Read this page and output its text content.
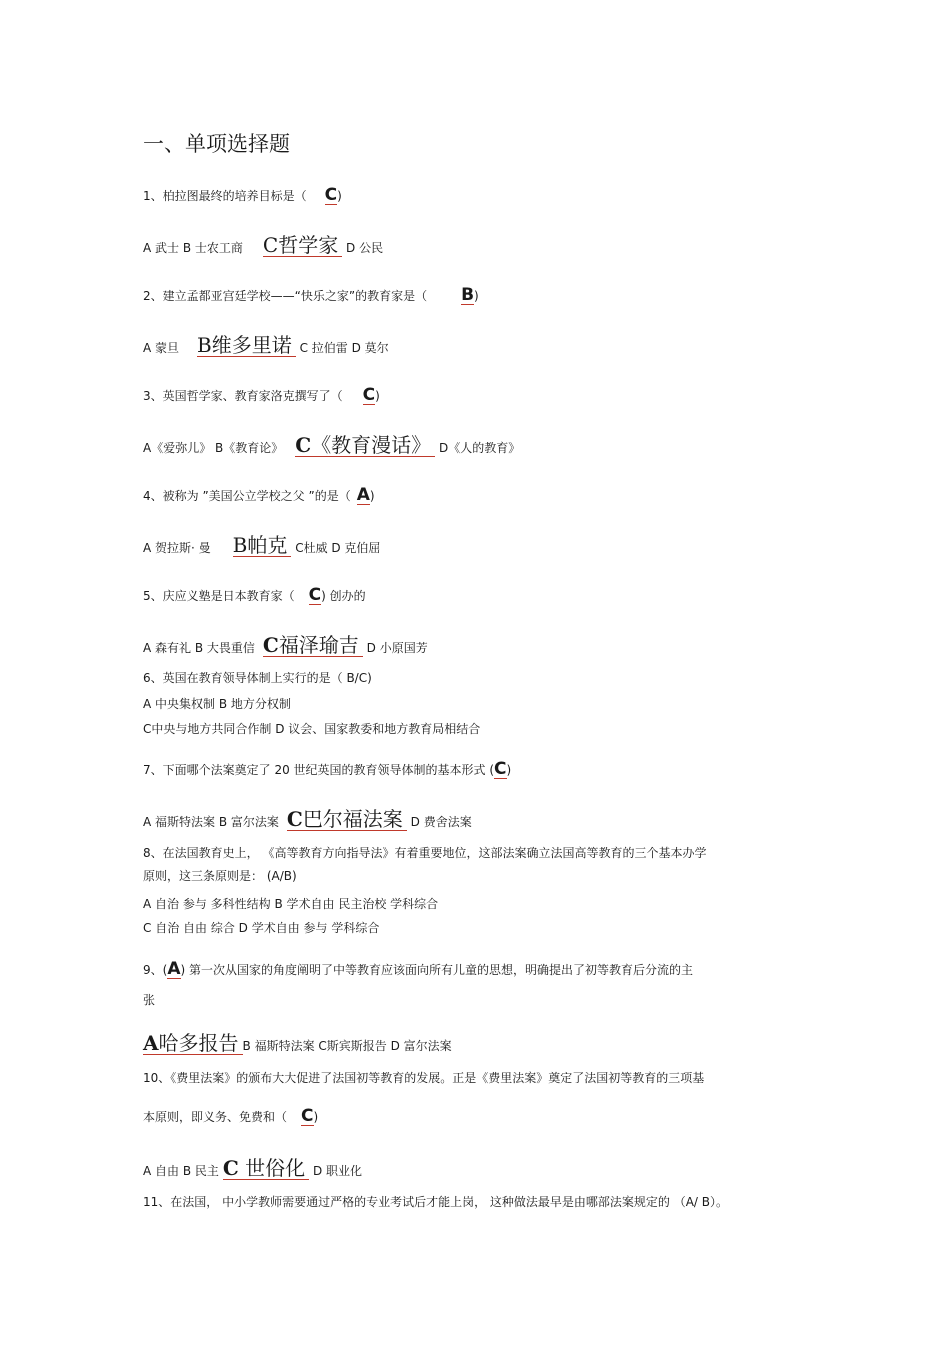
一、单项选择题
1、柏拉图最终的培养目标是（ C)
A 武士 B 士农工商 C哲学家 D 公民
2、建立孟都亚宫廷学校——“快乐之家”的教育家是（ B)
A 蒙旦 B维多里诺 C 拉伯雷 D 莫尔
3、英国哲学家、教育家洛克撰写了（ C)
A《爱弥儿》 B《教育论》 C《教育漫话》 D《人的教育》
4、被称为 ”美国公立学校之父 ”的是（ A)
A 贺拉斯· 曼 B帕克 C杜威 D 克伯屈
5、庆应义塾是日本教育家（ C) 创办的
A 森有礼 B 大畏重信 C福泽瑜吉 D 小原国芳
6、英国在教育领导体制上实行的是（ B/C)
A 中央集权制 B 地方分权制
C中央与地方共同合作制 D 议会、国家教委和地方教育局相结合
7、下面哪个法案奠定了 20 世纪英国的教育领导体制的基本形式 (C)
A 福斯特法案 B 富尔法案 C巴尔福法案 D 费舍法案
8、在法国教育史上， 《高等教育方向指导法》有着重要地位，这部法案确立法国高等教育的三个基本办学
原则，这三条原则是： (A/B)
A 自治 参与 多科性结构 B 学术自由 民主治校 学科综合
C 自治 自由 综合 D 学术自由 参与 学科综合
9、(A) 第一次从国家的角度阐明了中等教育应该面向所有儿童的思想，明确提出了初等教育后分流的主
张
A哈多报告 B 福斯特法案 C斯宾斯报告 D 富尔法案
10、《费里法案》的颁布大大促进了法国初等教育的发展。正是《费里法案》奠定了法国初等教育的三项基
本原则，即义务、免费和（ C)
A 自由 B 民主 C 世俗化 D 职业化
11、在法国， 中小学教师需要通过严格的专业考试后才能上岗， 这种做法最早是由哪部法案规定的 （A/ B）。
